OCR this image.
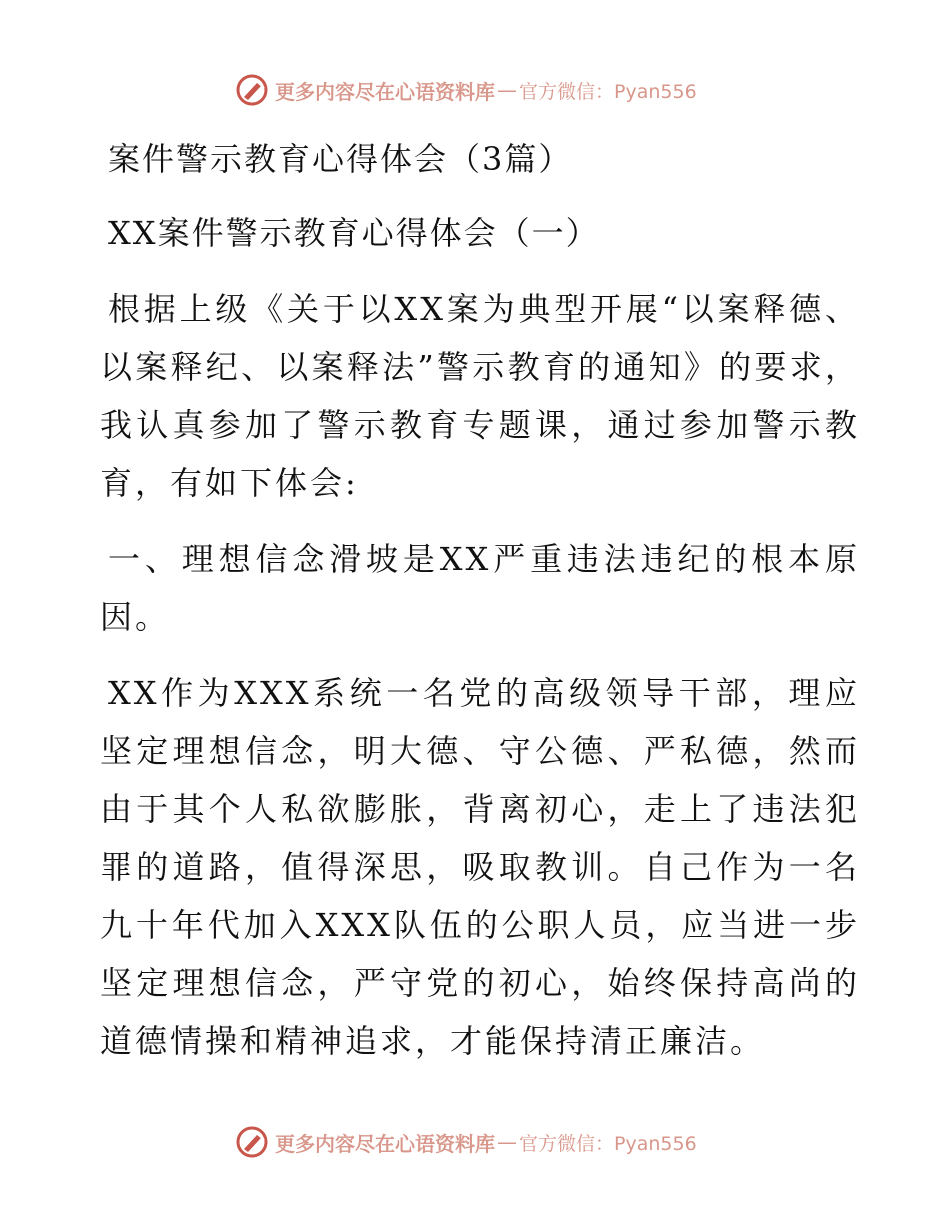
更多内容尽在心语资料库 — 官方微信：Pyan556
案件警示教育心得体会（3篇）
XX案件警示教育心得体会（一）
根据上级《关于以XX案为典型开展“以案释德、以案释纪、以案释法”警示教育的通知》的要求，我认真参加了警示教育专题课，通过参加警示教育，有如下体会:
一、理想信念滑坡是XX严重违法违纪的根本原因。
XX作为XXX系统一名党的高级领导干部，理应坚定理想信念，明大德、守公德、严私德，然而由于其个人私欲膨胀，背离初心，走上了违法犯罪的道路，值得深思，吸取教训。自己作为一名九十年代加入XXX队伍的公职人员，应当进一步坚定理想信念，严守党的初心，始终保持高尚的道德情操和精神追求，才能保持清正廉洁。
更多内容尽在心语资料库 — 官方微信：Pyan556
